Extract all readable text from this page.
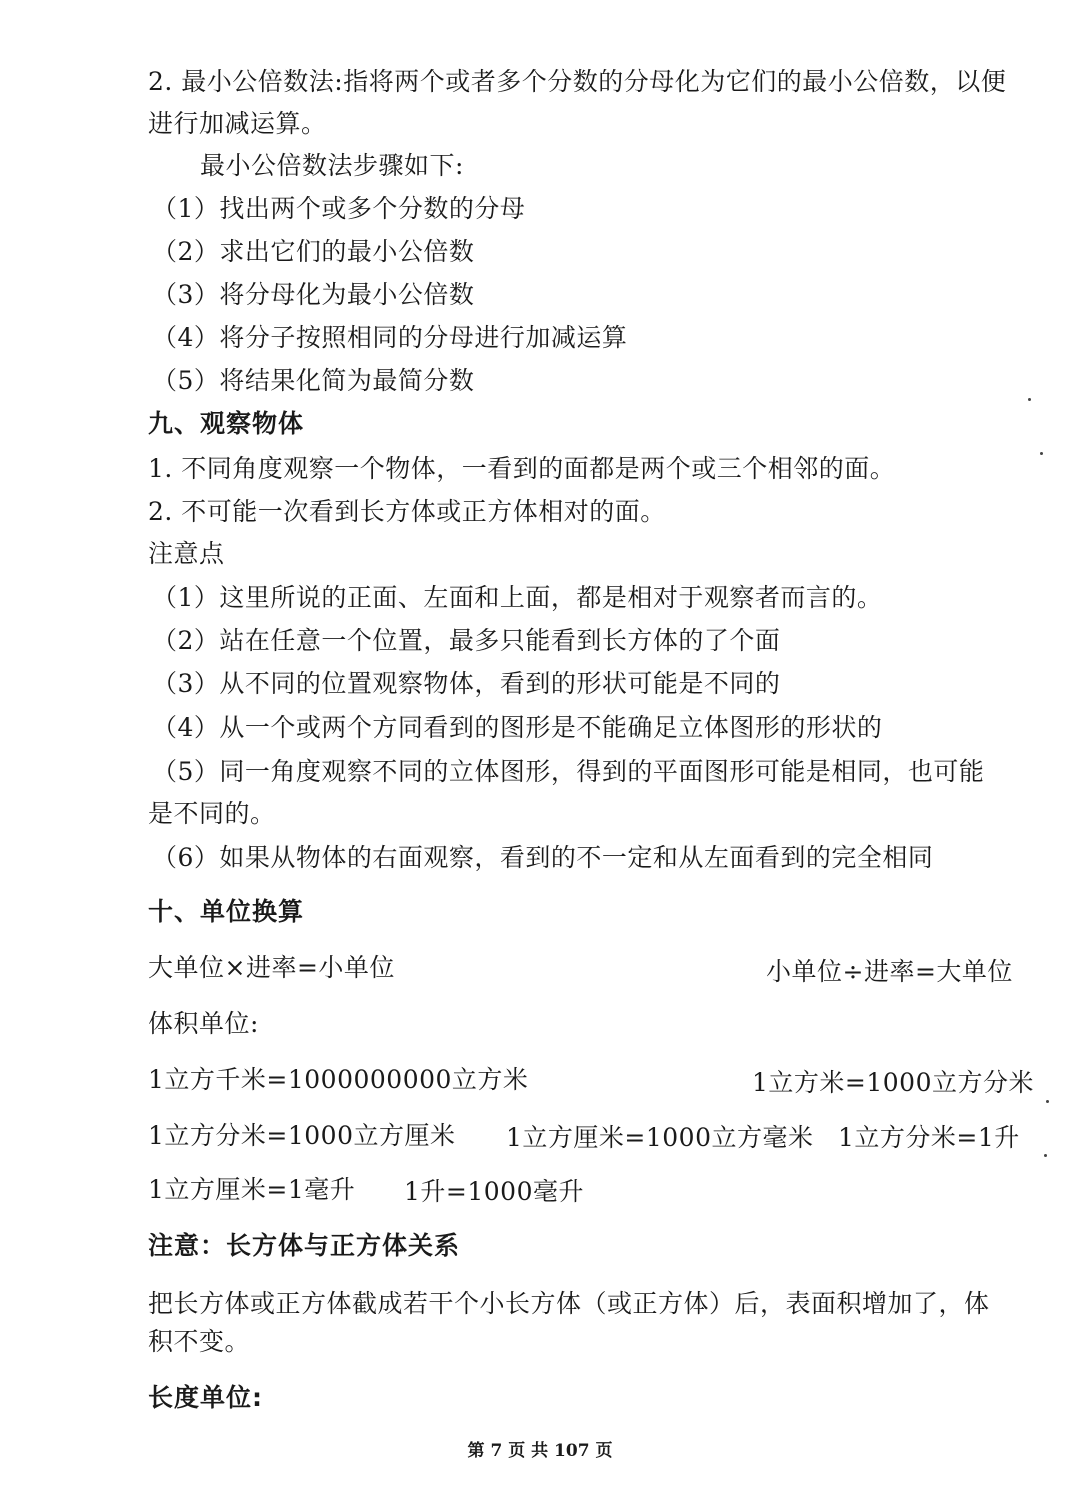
2. 最小公倍数法:指将两个或者多个分数的分母化为它们的最小公倍数，以便
进行加减运算。
最小公倍数法步骤如下:
（1）找出两个或多个分数的分母
（2）求出它们的最小公倍数
（3）将分母化为最小公倍数
（4）将分子按照相同的分母进行加减运算
（5）将结果化简为最简分数
九、观察物体
1. 不同角度观察一个物体，一看到的面都是两个或三个相邻的面。
2. 不可能一次看到长方体或正方体相对的面。
注意点
（1）这里所说的正面、左面和上面，都是相对于观察者而言的。
（2）站在任意一个位置，最多只能看到长方体的了个面
（3）从不同的位置观察物体，看到的形状可能是不同的
（4）从一个或两个方同看到的图形是不能确足立体图形的形状的
（5）同一角度观察不同的立体图形，得到的平面图形可能是相同，也可能
是不同的。
（6）如果从物体的右面观察，看到的不一定和从左面看到的完全相同
十、单位换算
大单位×进率=小单位	小单位÷进率=大单位
体积单位:
1立方千米=1000000000立方米	1立方米=1000立方分米
1立方分米=1000立方厘米 1立方厘米=1000立方毫米 1立方分米=1升
1立方厘米=1毫升 1升=1000毫升
注意：长方体与正方体关系
把长方体或正方体截成若干个小长方体（或正方体）后，表面积增加了，体
积不变。
长度单位:
第 7 页 共 107 页
